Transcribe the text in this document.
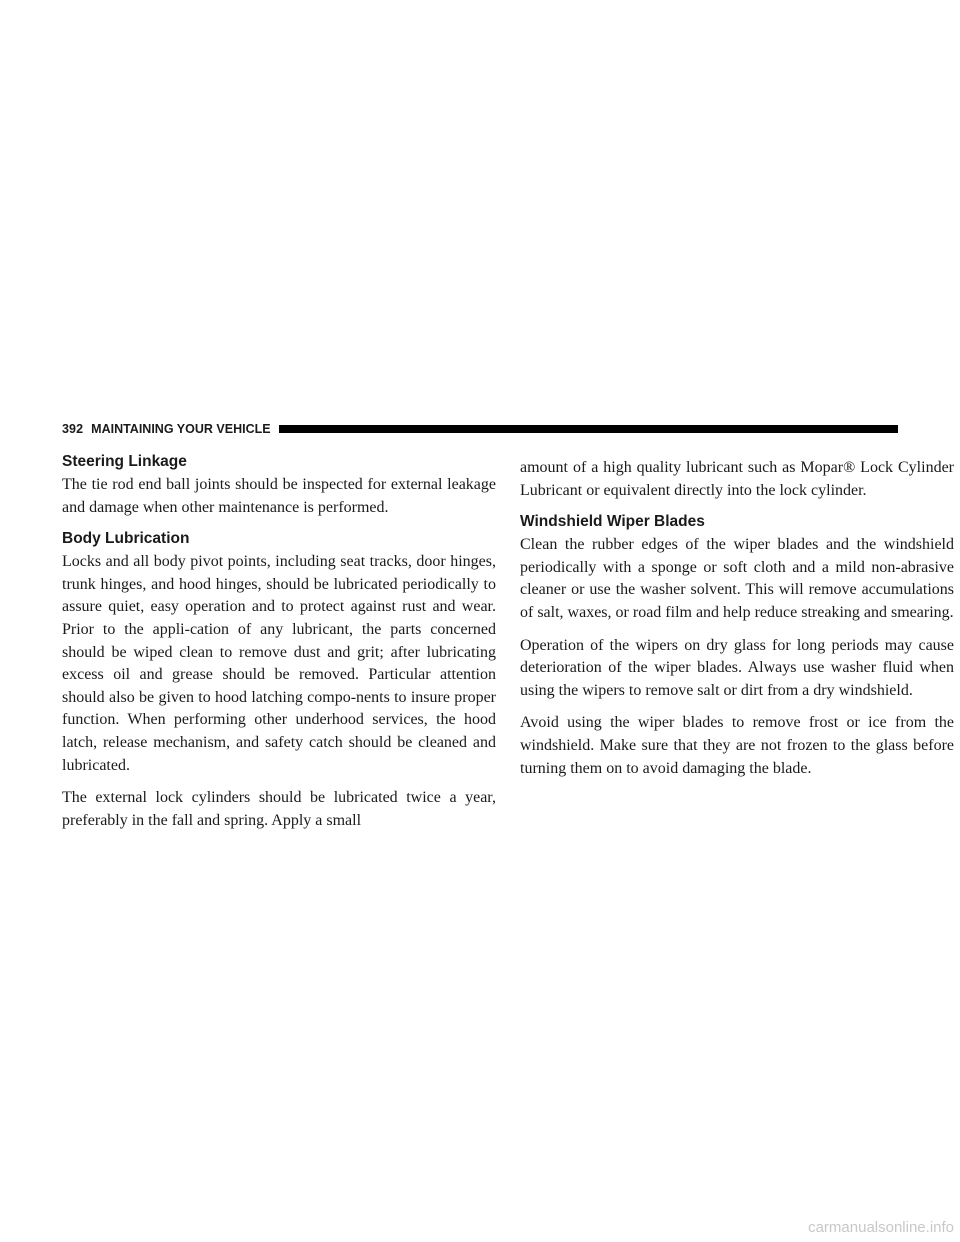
392 MAINTAINING YOUR VEHICLE
Steering Linkage

The tie rod end ball joints should be inspected for external leakage and damage when other maintenance is performed.

Body Lubrication

Locks and all body pivot points, including seat tracks, door hinges, trunk hinges, and hood hinges, should be lubricated periodically to assure quiet, easy operation and to protect against rust and wear. Prior to the appli-cation of any lubricant, the parts concerned should be wiped clean to remove dust and grit; after lubricating excess oil and grease should be removed. Particular attention should also be given to hood latching compo-nents to insure proper function. When performing other underhood services, the hood latch, release mechanism, and safety catch should be cleaned and lubricated.

The external lock cylinders should be lubricated twice a year, preferably in the fall and spring. Apply a small

amount of a high quality lubricant such as Mopar® Lock Cylinder Lubricant or equivalent directly into the lock cylinder.

Windshield Wiper Blades

Clean the rubber edges of the wiper blades and the windshield periodically with a sponge or soft cloth and a mild non-abrasive cleaner or use the washer solvent. This will remove accumulations of salt, waxes, or road film and help reduce streaking and smearing.

Operation of the wipers on dry glass for long periods may cause deterioration of the wiper blades. Always use washer fluid when using the wipers to remove salt or dirt from a dry windshield.

Avoid using the wiper blades to remove frost or ice from the windshield. Make sure that they are not frozen to the glass before turning them on to avoid damaging the blade.

carmanualsonline.info
